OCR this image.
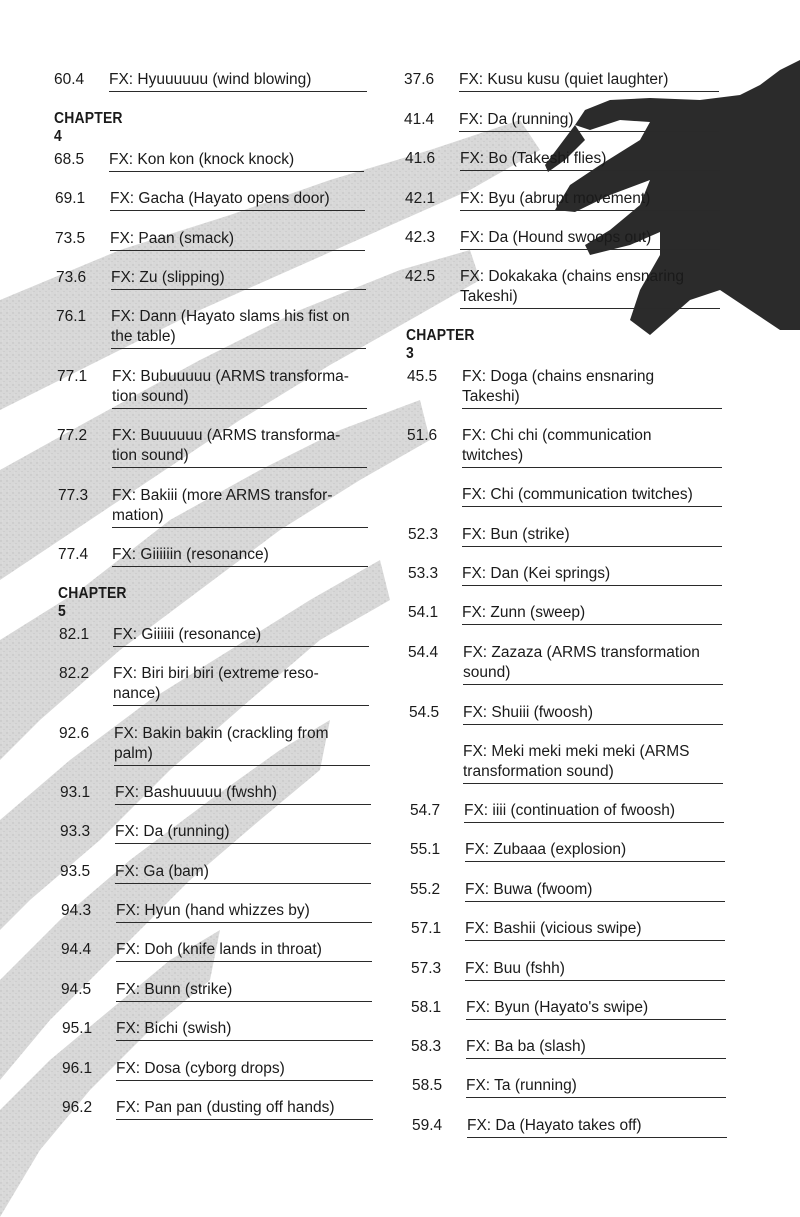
60.4 FX: Hyuuuuuu (wind blowing)
CHAPTER 4
68.5 FX: Kon kon (knock knock)
69.1 FX: Gacha (Hayato opens door)
73.5 FX: Paan (smack)
73.6 FX: Zu (slipping)
76.1 FX: Dann (Hayato slams his fist on
the table)
77.1 FX: Bubuuuuu (ARMS transforma-
tion sound)
77.2 FX: Buuuuuu (ARMS transforma-
tion sound)
77.3 FX: Bakiii (more ARMS transfor-
mation)
77.4 FX: Giiiiiin (resonance)
CHAPTER 5
82.1 FX: Giiiiii (resonance)
82.2 FX: Biri biri biri (extreme reso-
nance)
92.6 FX: Bakin bakin (crackling from
palm)
93.1 FX: Bashuuuuu (fwshh)
93.3 FX: Da (running)
93.5 FX: Ga (bam)
94.3 FX: Hyun (hand whizzes by)
94.4 FX: Doh (knife lands in throat)
94.5 FX: Bunn (strike)
95.1 FX: Bichi (swish)
96.1 FX: Dosa (cyborg drops)
96.2 FX: Pan pan (dusting off hands)
37.6 FX: Kusu kusu (quiet laughter)
41.4 FX: Da (running)
41.6 FX: Bo (Takeshi flies)
42.1 FX: Byu (abrupt movement)
42.3 FX: Da (Hound swoops out)
42.5 FX: Dokakaka (chains ensnaring
Takeshi)
CHAPTER 3
45.5 FX: Doga (chains ensnaring
Takeshi)
51.6 FX: Chi chi (communication
twitches)
FX: Chi (communication twitches)
52.3 FX: Bun (strike)
53.3 FX: Dan (Kei springs)
54.1 FX: Zunn (sweep)
54.4 FX: Zazaza (ARMS transformation
sound)
54.5 FX: Shuiii (fwoosh)
FX: Meki meki meki meki (ARMS
transformation sound)
54.7 FX: iiii (continuation of fwoosh)
55.1 FX: Zubaaa (explosion)
55.2 FX: Buwa (fwoom)
57.1 FX: Bashii (vicious swipe)
57.3 FX: Buu (fshh)
58.1 FX: Byun (Hayato's swipe)
58.3 FX: Ba ba (slash)
58.5 FX: Ta (running)
59.4 FX: Da (Hayato takes off)
